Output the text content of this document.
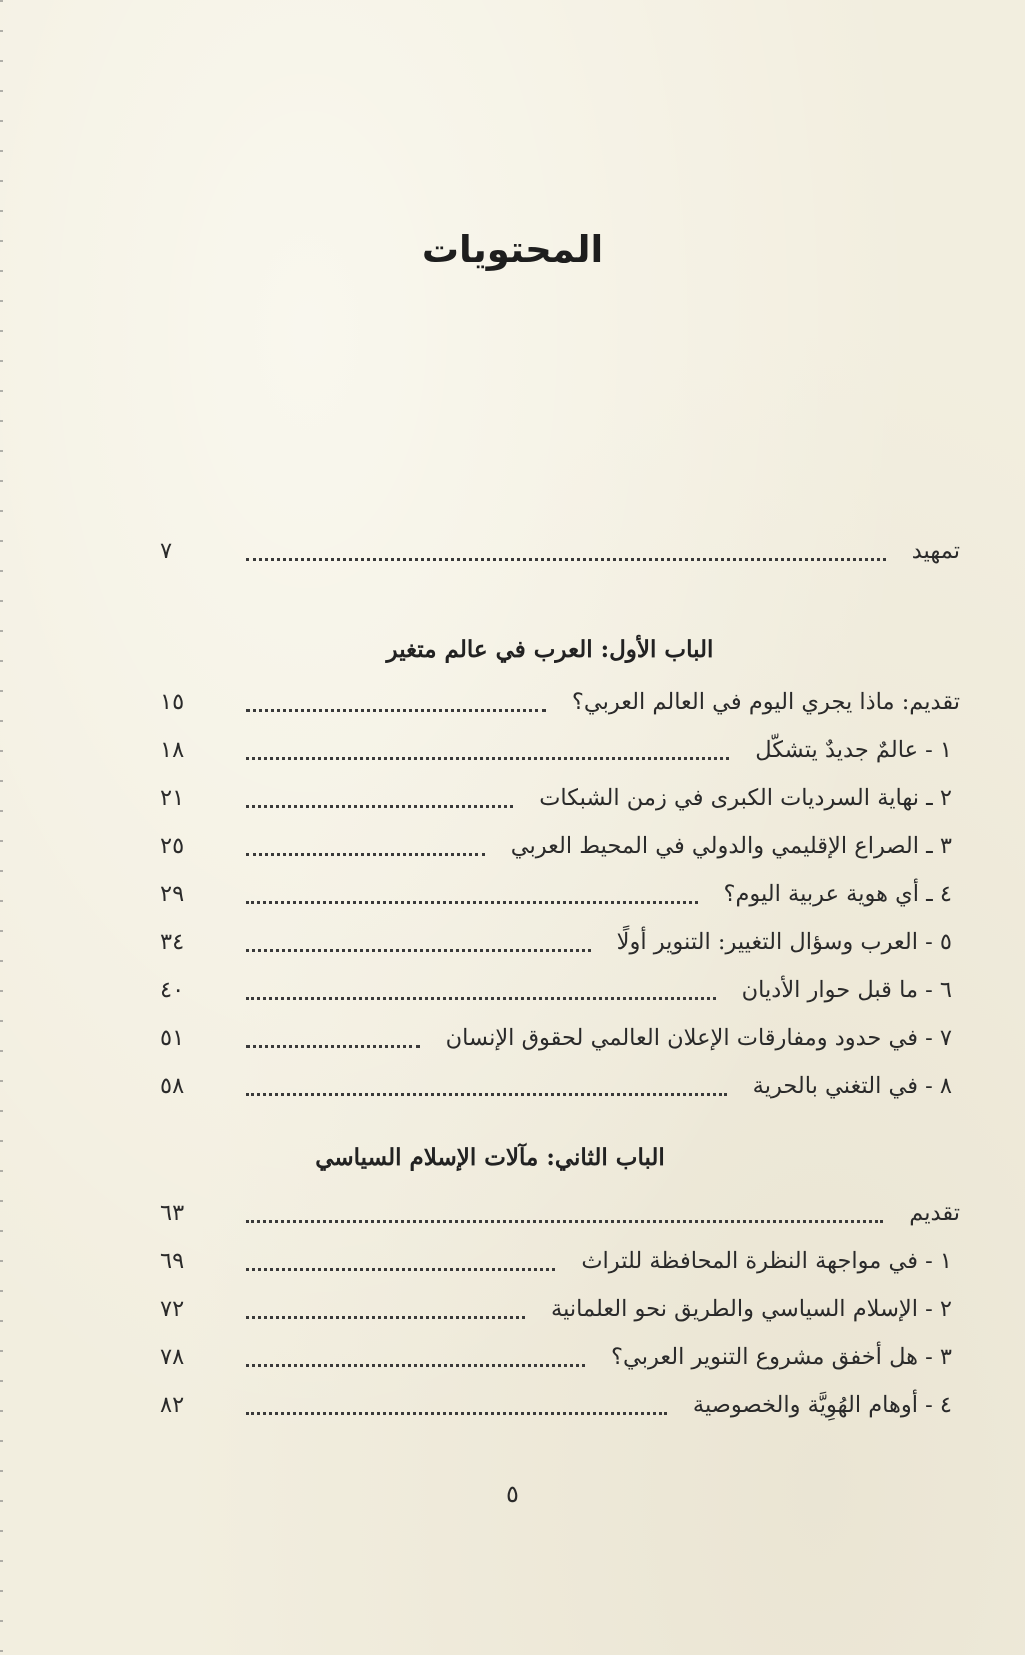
المحتويات
تمهيد
٧
الباب الأول: العرب في عالم متغير
تقديم: ماذا يجري اليوم في العالم العربي؟
١٥
١ - عالمٌ جديدٌ يتشكّل
١٨
٢ ـ نهاية السرديات الكبرى في زمن الشبكات
٢١
٣ ـ الصراع الإقليمي والدولي في المحيط العربي
٢٥
٤ ـ أي هوية عربية اليوم؟
٢٩
٥ - العرب وسؤال التغيير: التنوير أولًا
٣٤
٦ - ما قبل حوار الأديان
٤٠
٧ - في حدود ومفارقات الإعلان العالمي لحقوق الإنسان
٥١
٨ - في التغني بالحرية
٥٨
الباب الثاني: مآلات الإسلام السياسي
تقديم
٦٣
١ - في مواجهة النظرة المحافظة للتراث
٦٩
٢ - الإسلام السياسي والطريق نحو العلمانية
٧٢
٣ - هل أخفق مشروع التنوير العربي؟
٧٨
٤ - أوهام الهُوِيَّة والخصوصية
٨٢
٥
